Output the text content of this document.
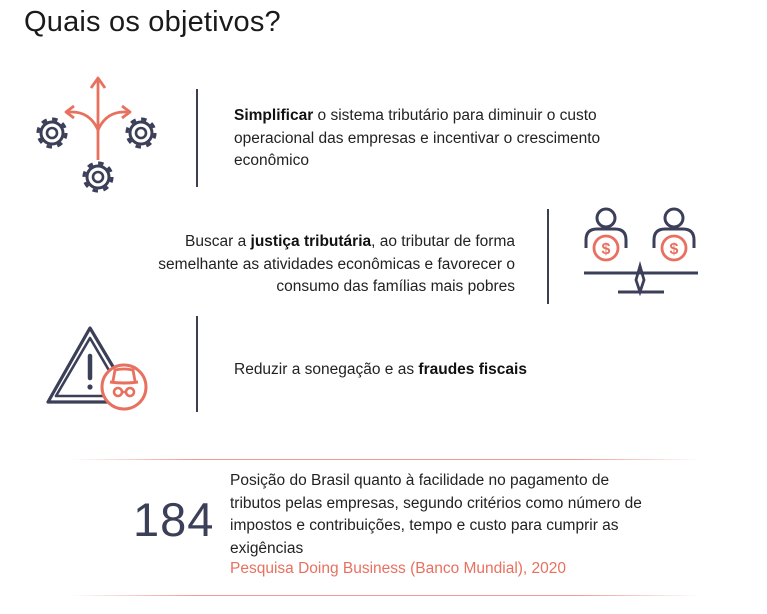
Quais os objetivos?
Simplificar o sistema tributário para diminuir o custo operacional das empresas e incentivar o crescimento econômico
Buscar a justiça tributária, ao tributar de forma semelhante as atividades econômicas e favorecer o consumo das famílias mais pobres
$	$
Reduzir a sonegação e as fraudes fiscais
184
Posição do Brasil quanto à facilidade no pagamento de tributos pelas empresas, segundo critérios como número de impostos e contribuições, tempo e custo para cumprir as exigências
Pesquisa Doing Business (Banco Mundial), 2020
